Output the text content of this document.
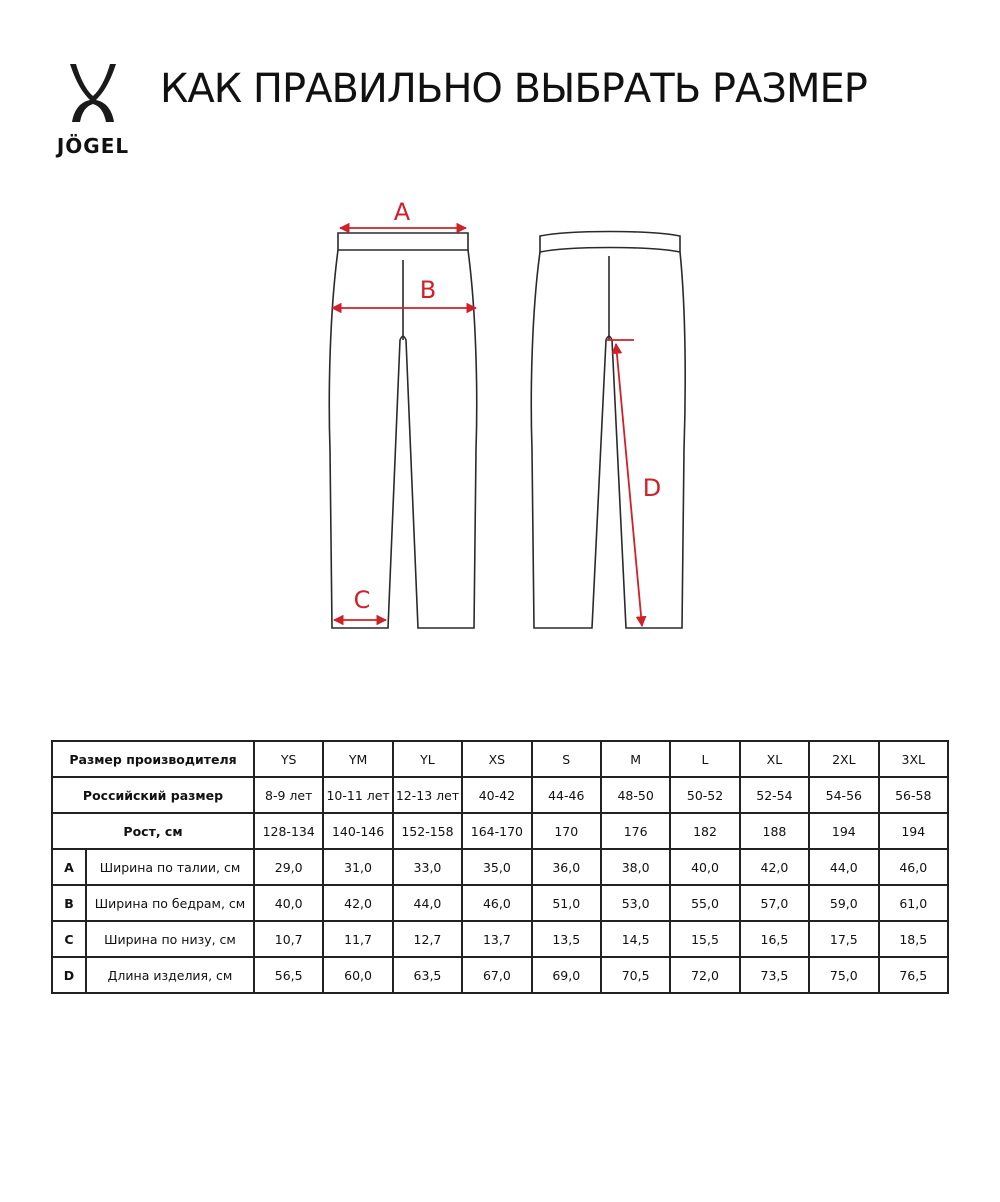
JÖGEL
КАК ПРАВИЛЬНО ВЫБРАТЬ РАЗМЕР
A
B
C
D
Размер производителя		YS	YM	YL	XS	S	M	L	XL	2XL	3XL
Российский размер		8-9 лет	10-11 лет	12-13 лет	40-42	44-46	48-50	50-52	52-54	54-56	56-58
Рост, см		128-134	140-146	152-158	164-170	170	176	182	188	194	194
A	Ширина по талии, см	29,0	31,0	33,0	35,0	36,0	38,0	40,0	42,0	44,0	46,0
B	Ширина по бедрам, см	40,0	42,0	44,0	46,0	51,0	53,0	55,0	57,0	59,0	61,0
C	Ширина по низу, см	10,7	11,7	12,7	13,7	13,5	14,5	15,5	16,5	17,5	18,5
D	Длина изделия, см	56,5	60,0	63,5	67,0	69,0	70,5	72,0	73,5	75,0	76,5
